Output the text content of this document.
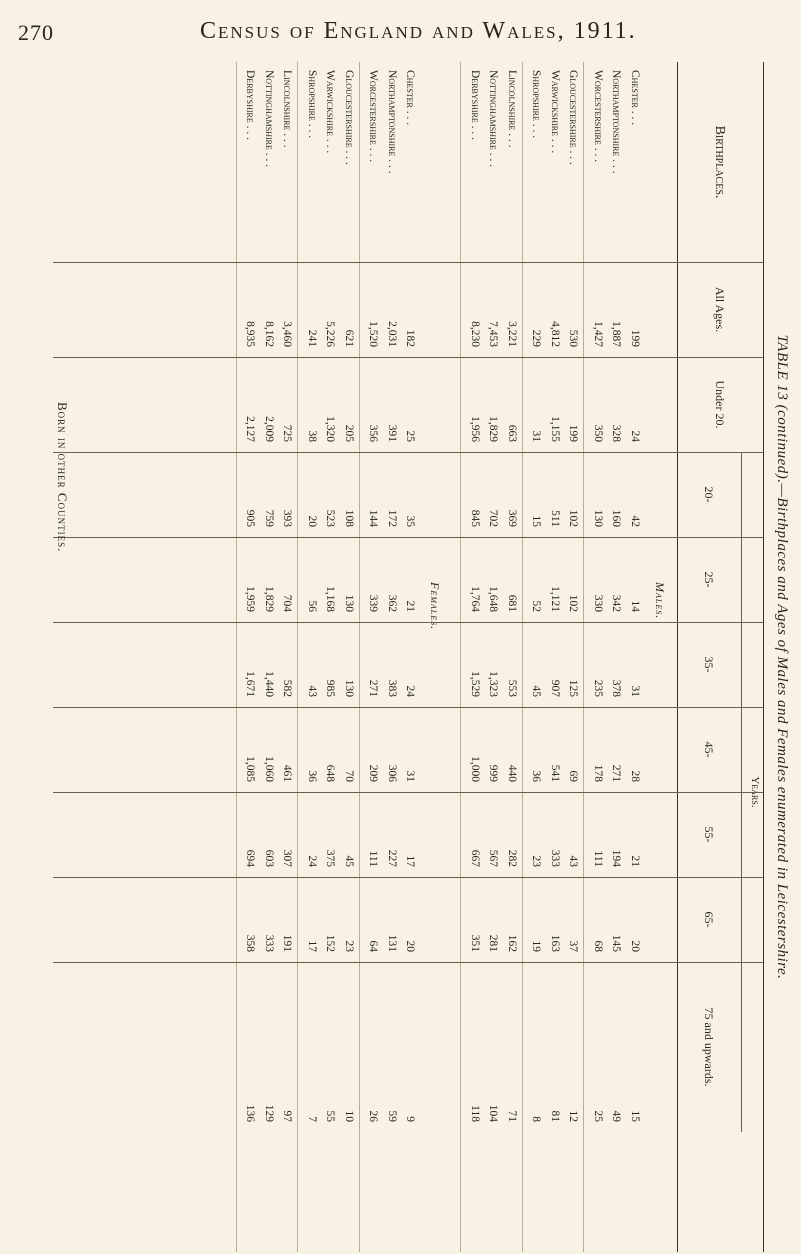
270	Census of England and Wales, 1911.
TABLE 13 (continued).—Birthplaces and Ages of Males and Females enumerated in Leicestershire.
Birthplaces.
All Ages.
Under 20.
Years.
20-
25-
35-
45-
55-
65-
75 and upwards.
Males.
Chester . . .
199
24
42
14
31
28
21
20
15
Northamptonshire . . .
1,887
328
160
342
378
271
194
145
49
Worcestershire . . .
1,427
350
130
330
235
178
111
68
25
Gloucestershire . . .
530
199
102
102
125
69
43
37
12
Warwickshire . . .
4,812
1,155
511
1,121
907
541
333
163
81
Shropshire . . .
229
31
15
52
45
36
23
19
8
Lincolnshire . . .
3,221
663
369
681
553
440
282
162
71
Nottinghamshire . . .
7,453
1,829
702
1,648
1,323
999
567
281
104
Derbyshire . . .
8,230
1,956
845
1,764
1,529
1,000
667
351
118
Females.
Chester . . .
182
25
35
21
24
31
17
20
9
Northamptonshire . . .
2,031
391
172
362
383
306
227
131
59
Worcestershire . . .
1,520
356
144
339
271
209
111
64
26
Gloucestershire . . .
621
205
108
130
130
70
45
23
10
Warwickshire . . .
5,226
1,320
523
1,168
985
648
375
152
55
Shropshire . . .
241
38
20
56
43
36
24
17
7
Lincolnshire . . .
3,460
725
393
704
582
461
307
191
97
Nottinghamshire . . .
8,162
2,009
759
1,829
1,440
1,060
603
333
129
Derbyshire . . .
8,935
2,127
905
1,959
1,671
1,085
694
358
136
Born in other Counties.
